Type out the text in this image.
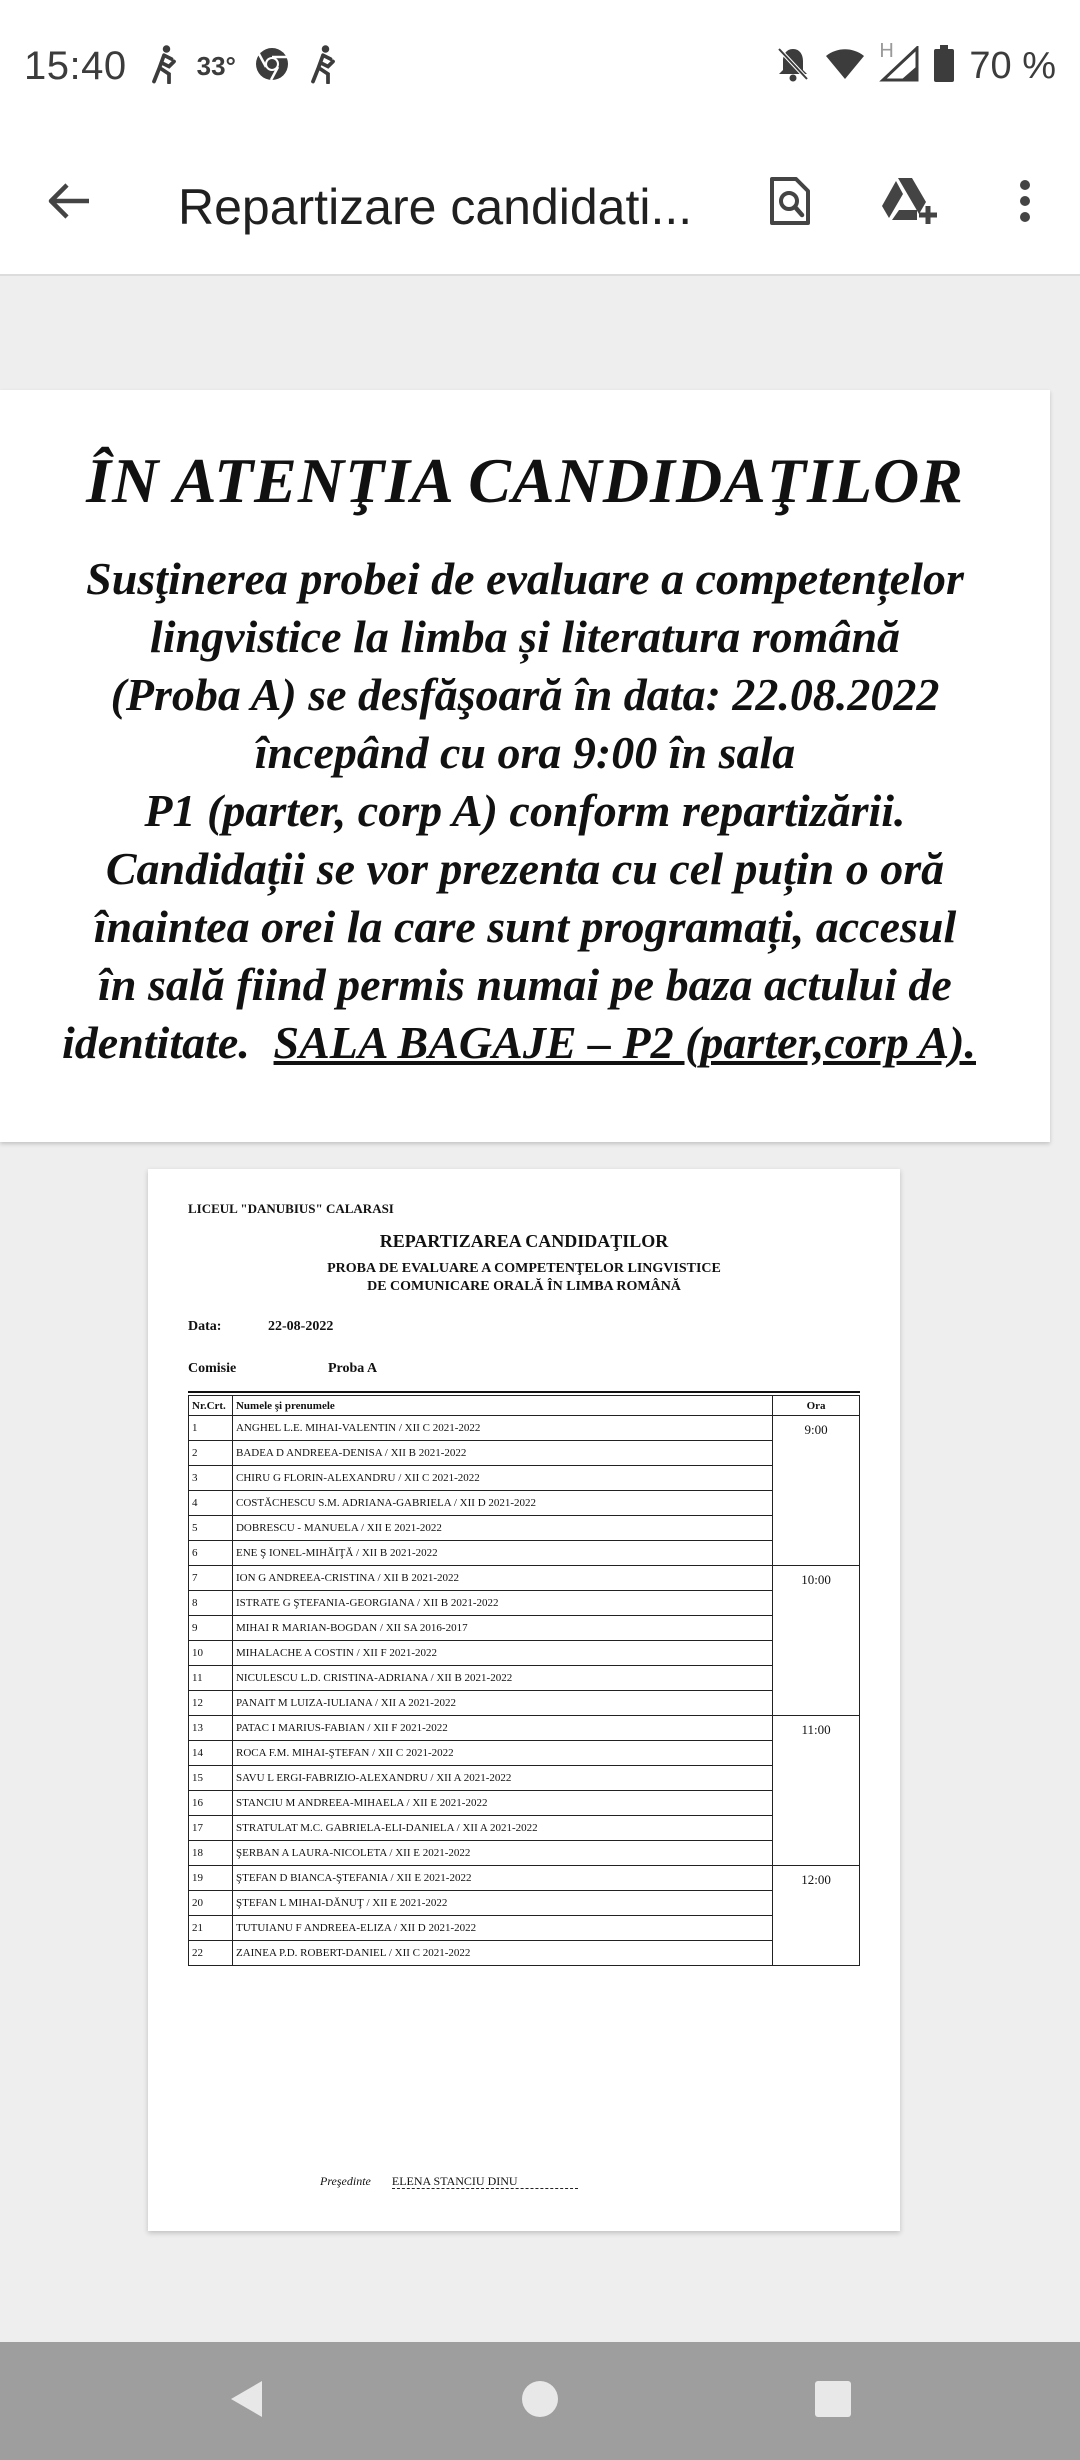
15:40	33°	H 70 %
Repartizare candidati...
ÎN ATENŢIA CANDIDAŢILOR
Susţinerea probei de evaluare a competențelor
lingvistice la limba și literatura română
(Proba A) se desfăşoară în data: 22.08.2022
începând cu ora 9:00 în sala
P1 (parter, corp A) conform repartizării.
Candidații se vor prezenta cu cel puțin o oră
înaintea orei la care sunt programați, accesul
în sală fiind permis numai pe baza actului de
identitate. SALA BAGAJE – P2 (parter,corp A).
LICEUL "DANUBIUS" CALARASI
REPARTIZAREA CANDIDAŢILOR
PROBA DE EVALUARE A COMPETENŢELOR LINGVISTICE
DE COMUNICARE ORALĂ ÎN LIMBA ROMÂNĂ
Data:	22-08-2022
Comisie	Proba A
Nr.Crt.	Numele şi prenumele	Ora
1	ANGHEL L.E. MIHAI-VALENTIN / XII C 2021-2022	9:00
2	BADEA D ANDREEA-DENISA / XII B 2021-2022	
3	CHIRU G FLORIN-ALEXANDRU / XII C 2021-2022	
4	COSTĂCHESCU S.M. ADRIANA-GABRIELA / XII D 2021-2022	
5	DOBRESCU - MANUELA / XII E 2021-2022	
6	ENE Ş IONEL-MIHĂIŢĂ / XII B 2021-2022	
7	ION G ANDREEA-CRISTINA / XII B 2021-2022	10:00
8	ISTRATE G ŞTEFANIA-GEORGIANA / XII B 2021-2022	
9	MIHAI R MARIAN-BOGDAN / XII SA 2016-2017	
10	MIHALACHE A COSTIN / XII F 2021-2022	
11	NICULESCU L.D. CRISTINA-ADRIANA / XII B 2021-2022	
12	PANAIT M LUIZA-IULIANA / XII A 2021-2022	
13	PATAC I MARIUS-FABIAN / XII F 2021-2022	11:00
14	ROCA F.M. MIHAI-ŞTEFAN / XII C 2021-2022	
15	SAVU L ERGI-FABRIZIO-ALEXANDRU / XII A 2021-2022	
16	STANCIU M ANDREEA-MIHAELA / XII E 2021-2022	
17	STRATULAT M.C. GABRIELA-ELI-DANIELA / XII A 2021-2022	
18	ŞERBAN A LAURA-NICOLETA / XII E 2021-2022	
19	ŞTEFAN D BIANCA-ŞTEFANIA / XII E 2021-2022	12:00
20	ŞTEFAN L MIHAI-DĂNUŢ / XII E 2021-2022	
21	TUTUIANU F ANDREEA-ELIZA / XII D 2021-2022	
22	ZAINEA P.D. ROBERT-DANIEL / XII C 2021-2022	
Preşedinte ELENA STANCIU DINU
